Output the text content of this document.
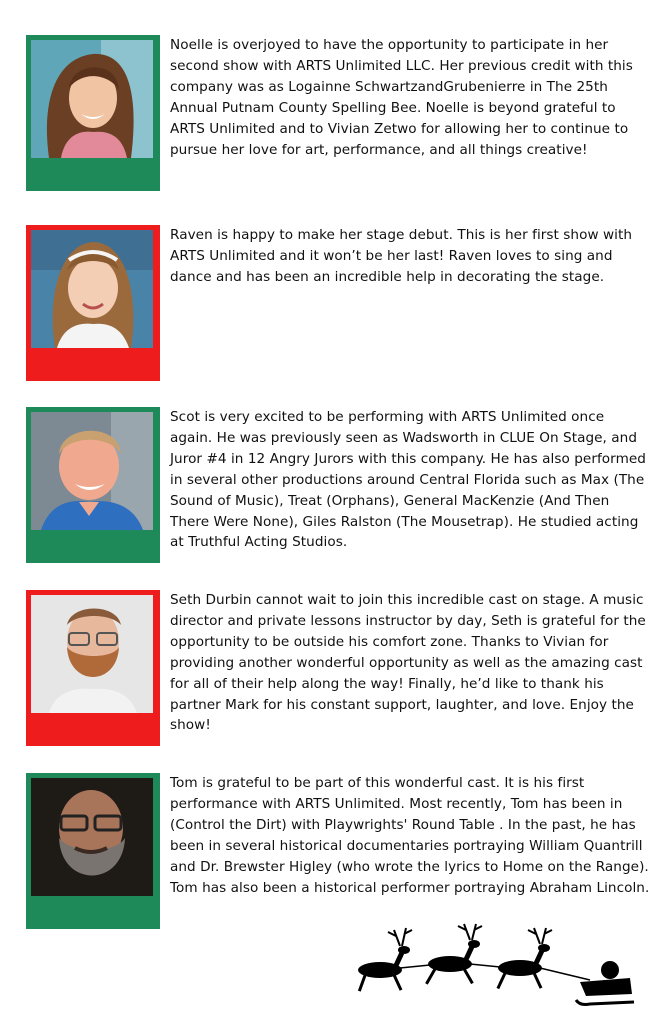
Noelle is overjoyed to have the opportunity to participate in her second show with ARTS Unlimited LLC. Her previous credit with this company was as Logainne SchwartzandGrubenierre in The 25th Annual Putnam County Spelling Bee. Noelle is beyond grateful to ARTS Unlimited and to Vivian Zetwo for allowing her to continue to pursue her love for art, performance, and all things creative!
Raven is happy to make her stage debut. This is her first show with ARTS Unlimited and it won’t be her last! Raven loves to sing and dance and has been an incredible help in decorating the stage.
Scot is very excited to be performing with ARTS Unlimited once again. He was previously seen as Wadsworth in CLUE On Stage, and Juror #4 in 12 Angry Jurors with this company. He has also performed in several other productions around Central Florida such as Max (The Sound of Music), Treat (Orphans), General MacKenzie (And Then There Were None), Giles Ralston (The Mousetrap). He studied acting at Truthful Acting Studios.
Seth Durbin cannot wait to join this incredible cast on stage. A music director and private lessons instructor by day, Seth is grateful for the opportunity to be outside his comfort zone. Thanks to Vivian for providing another wonderful opportunity as well as the amazing cast for all of their help along the way! Finally, he’d like to thank his partner Mark for his constant support, laughter, and love. Enjoy the show!
Tom is grateful to be part of this wonderful cast. It is his first performance with ARTS Unlimited. Most recently, Tom has been in (Control the Dirt) with Playwrights' Round Table . In the past, he has been in several historical documentaries portraying William Quantrill and Dr. Brewster Higley (who wrote the lyrics to Home on the Range). Tom has also been a historical performer portraying Abraham Lincoln.
